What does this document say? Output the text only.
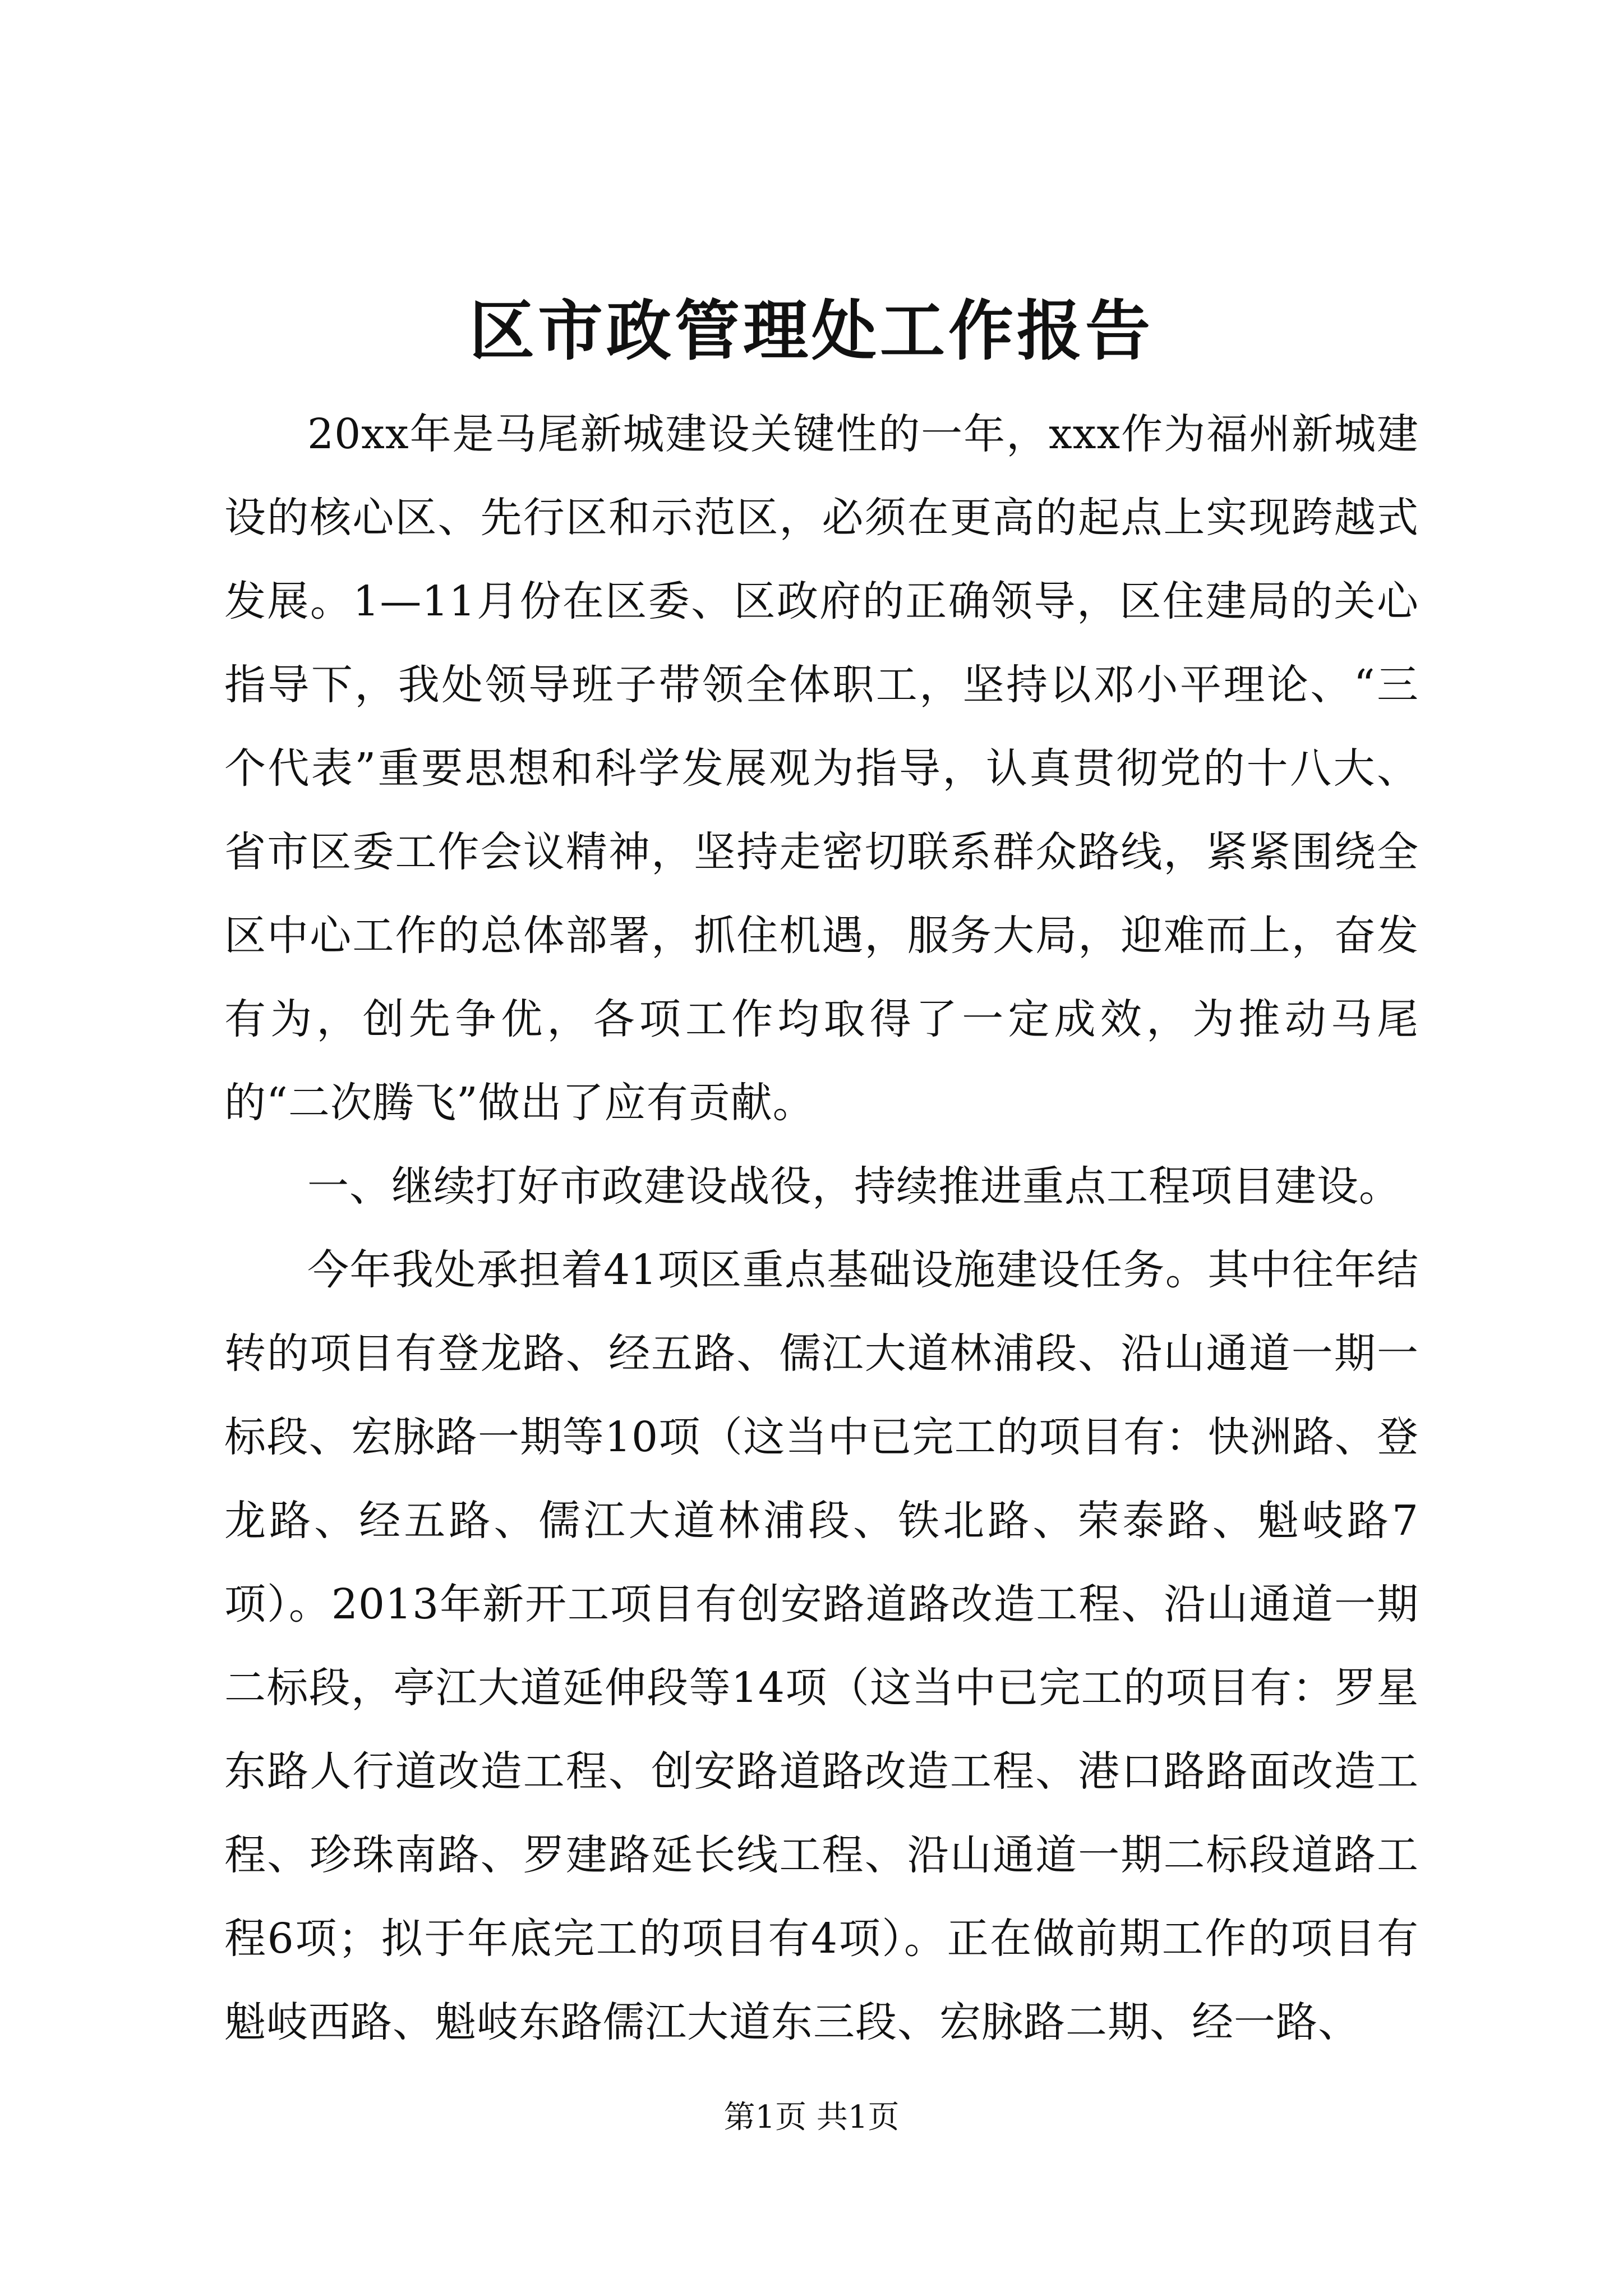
区市政管理处工作报告

20xx年是马尾新城建设关键性的一年，xxx作为福州新城建设的核心区、先行区和示范区，必须在更高的起点上实现跨越式发展。1—11月份在区委、区政府的正确领导，区住建局的关心指导下，我处领导班子带领全体职工，坚持以邓小平理论、“三个代表”重要思想和科学发展观为指导，认真贯彻党的十八大、省市区委工作会议精神，坚持走密切联系群众路线，紧紧围绕全区中心工作的总体部署，抓住机遇，服务大局，迎难而上，奋发有为，创先争优，各项工作均取得了一定成效，为推动马尾的“二次腾飞”做出了应有贡献。

一、继续打好市政建设战役，持续推进重点工程项目建设。

今年我处承担着41项区重点基础设施建设任务。其中往年结转的项目有登龙路、经五路、儒江大道林浦段、沿山通道一期一标段、宏脉路一期等10项（这当中已完工的项目有：快洲路、登龙路、经五路、儒江大道林浦段、铁北路、荣泰路、魁岐路7项）。2013年新开工项目有创安路道路改造工程、沿山通道一期二标段，亭江大道延伸段等14项（这当中已完工的项目有：罗星东路人行道改造工程、创安路道路改造工程、港口路路面改造工程、珍珠南路、罗建路延长线工程、沿山通道一期二标段道路工程6项；拟于年底完工的项目有4项）。正在做前期工作的项目有魁岐西路、魁岐东路儒江大道东三段、宏脉路二期、经一路、

第1页 共1页
